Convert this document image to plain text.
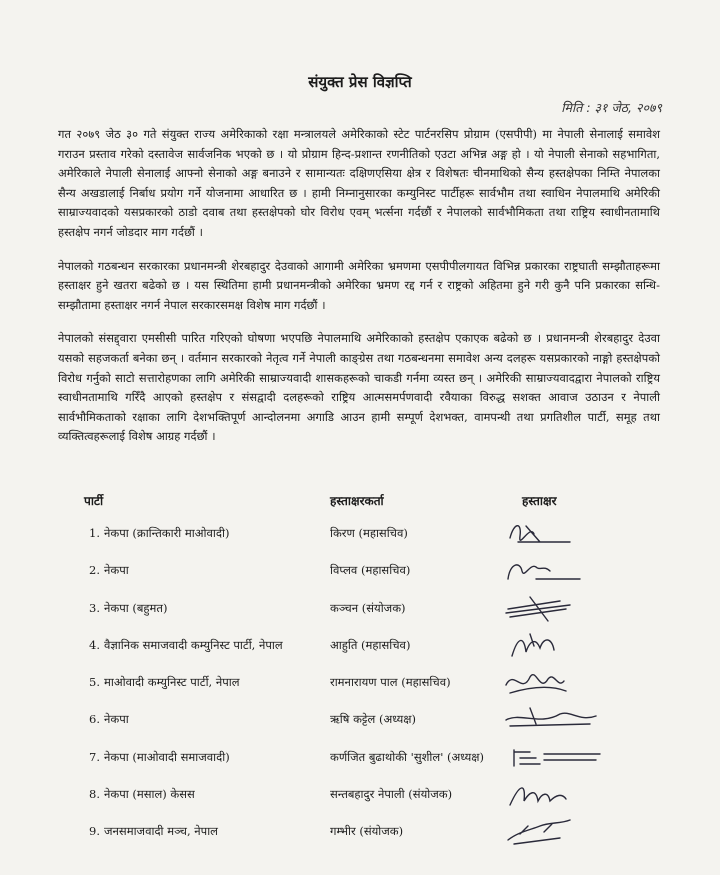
संयुक्त प्रेस विज्ञप्ति
मिति : ३१ जेठ, २०७९

गत २०७९ जेठ ३० गते संयुक्त राज्य अमेरिकाको रक्षा मन्त्रालयले अमेरिकाको स्टेट पार्टनरसिप प्रोग्राम (एसपीपी) मा नेपाली सेनालाई समावेश गराउन प्रस्ताव गरेको दस्तावेज सार्वजनिक भएको छ । यो प्रोग्राम हिन्द-प्रशान्त रणनीतिको एउटा अभिन्न अङ्ग हो । यो नेपाली सेनाको सहभागिता, अमेरिकाले नेपाली सेनालाई आफ्नो सेनाको अङ्ग बनाउने र सामान्यतः दक्षिणएसिया क्षेत्र र विशेषतः चीनमाथिको सैन्य हस्तक्षेपका निम्ति नेपालका सैन्य अखडालाई निर्बाध प्रयोग गर्ने योजनामा आधारित छ । हामी निम्नानुसारका कम्युनिस्ट पार्टीहरू सार्वभौम तथा स्वाधिन नेपालमाथि अमेरिकी साम्राज्यवादको यसप्रकारको ठाडो दवाब तथा हस्तक्षेपको घोर विरोध एवम् भर्त्सना गर्दछौं र नेपालको सार्वभौमिकता तथा राष्ट्रिय स्वाधीनतामाथि हस्तक्षेप नगर्न जोडदार माग गर्दछौं ।

नेपालको गठबन्धन सरकारका प्रधानमन्त्री शेरबहादुर देउवाको आगामी अमेरिका भ्रमणमा एसपीपीलगायत विभिन्न प्रकारका राष्ट्रघाती सम्झौताहरूमा हस्ताक्षर हुने खतरा बढेको छ । यस स्थितिमा हामी प्रधानमन्त्रीको अमेरिका भ्रमण रद्द गर्न र राष्ट्रको अहितमा हुने गरी कुनै पनि प्रकारका सन्धि-सम्झौतामा हस्ताक्षर नगर्न नेपाल सरकारसमक्ष विशेष माग गर्दछौं ।

नेपालको संसद्द्वारा एमसीसी पारित गरिएको घोषणा भएपछि नेपालमाथि अमेरिकाको हस्तक्षेप एकाएक बढेको छ । प्रधानमन्त्री शेरबहादुर देउवा यसको सहजकर्ता बनेका छन् । वर्तमान सरकारको नेतृत्व गर्ने नेपाली काङ्ग्रेस तथा गठबन्धनमा समावेश अन्य दलहरू यसप्रकारको नाङ्गो हस्तक्षेपको विरोध गर्नुको साटो सत्तारोहणका लागि अमेरिकी साम्राज्यवादी शासकहरूको चाकडी गर्नमा व्यस्त छन् । अमेरिकी साम्राज्यवादद्वारा नेपालको राष्ट्रिय स्वाधीनतामाथि गरिँदै आएको हस्तक्षेप र संसद्वादी दलहरूको राष्ट्रिय आत्मसमर्पणवादी रवैयाका विरुद्ध सशक्त आवाज उठाउन र नेपाली सार्वभौमिकताको रक्षाका लागि देशभक्तिपूर्ण आन्दोलनमा अगाडि आउन हामी सम्पूर्ण देशभक्त, वामपन्थी तथा प्रगतिशील पार्टी, समूह तथा व्यक्तित्वहरूलाई विशेष आग्रह गर्दछौं ।

पार्टी	हस्ताक्षरकर्ता	हस्ताक्षर
1. नेकपा (क्रान्तिकारी माओवादी)	किरण (महासचिव)
2. नेकपा	विप्लव (महासचिव)
3. नेकपा (बहुमत)	कञ्चन (संयोजक)
4. वैज्ञानिक समाजवादी कम्युनिस्ट पार्टी, नेपाल	आहुति (महासचिव)
5. माओवादी कम्युनिस्ट पार्टी, नेपाल	रामनारायण पाल (महासचिव)
6. नेकपा	ऋषि कट्टेल (अध्यक्ष)
7. नेकपा (माओवादी समाजवादी)	कर्णजित बुढाथोकी 'सुशील' (अध्यक्ष)
8. नेकपा (मसाल) केसस	सन्तबहादुर नेपाली (संयोजक)
9. जनसमाजवादी मञ्च, नेपाल	गम्भीर (संयोजक)
